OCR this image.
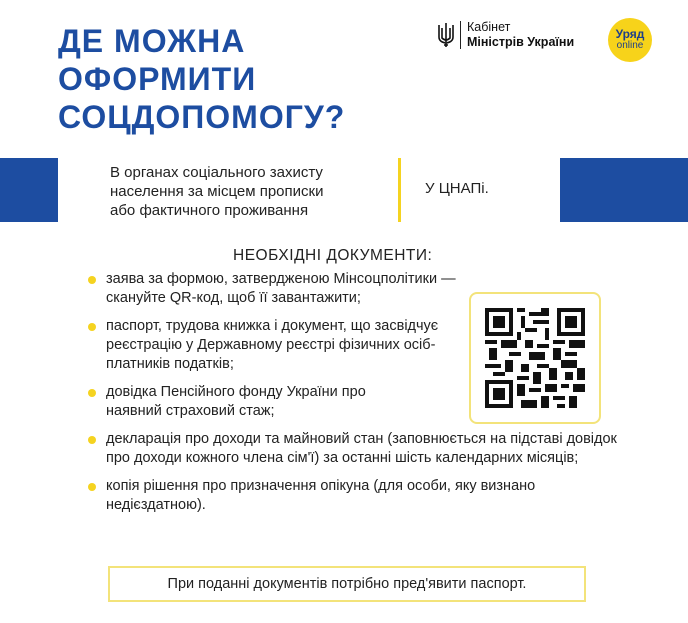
ДЕ МОЖНА
ОФОРМИТИ
СОЦДОПОМОГУ?
Кабінет
Міністрів України
Уряд
online
В органах соціального захисту
населення за місцем прописки
або фактичного проживання
У ЦНАПі.
НЕОБХІДНІ ДОКУМЕНТИ:
заява за формою, затвердженою Мінсоцполітики — скануйте QR-код, щоб її завантажити;
паспорт, трудова книжка і документ, що засвідчує реєстрацію у Державному реєстрі фізичних осіб-платників податків;
довідка Пенсійного фонду України про наявний страховий стаж;
декларація про доходи та майновий стан (заповнюється на підставі довідок про доходи кожного члена сім'ї) за останні шість календарних місяців;
копія рішення про призначення опікуна (для особи, яку визнано недієздатною).
При поданні документів потрібно пред'явити паспорт.
